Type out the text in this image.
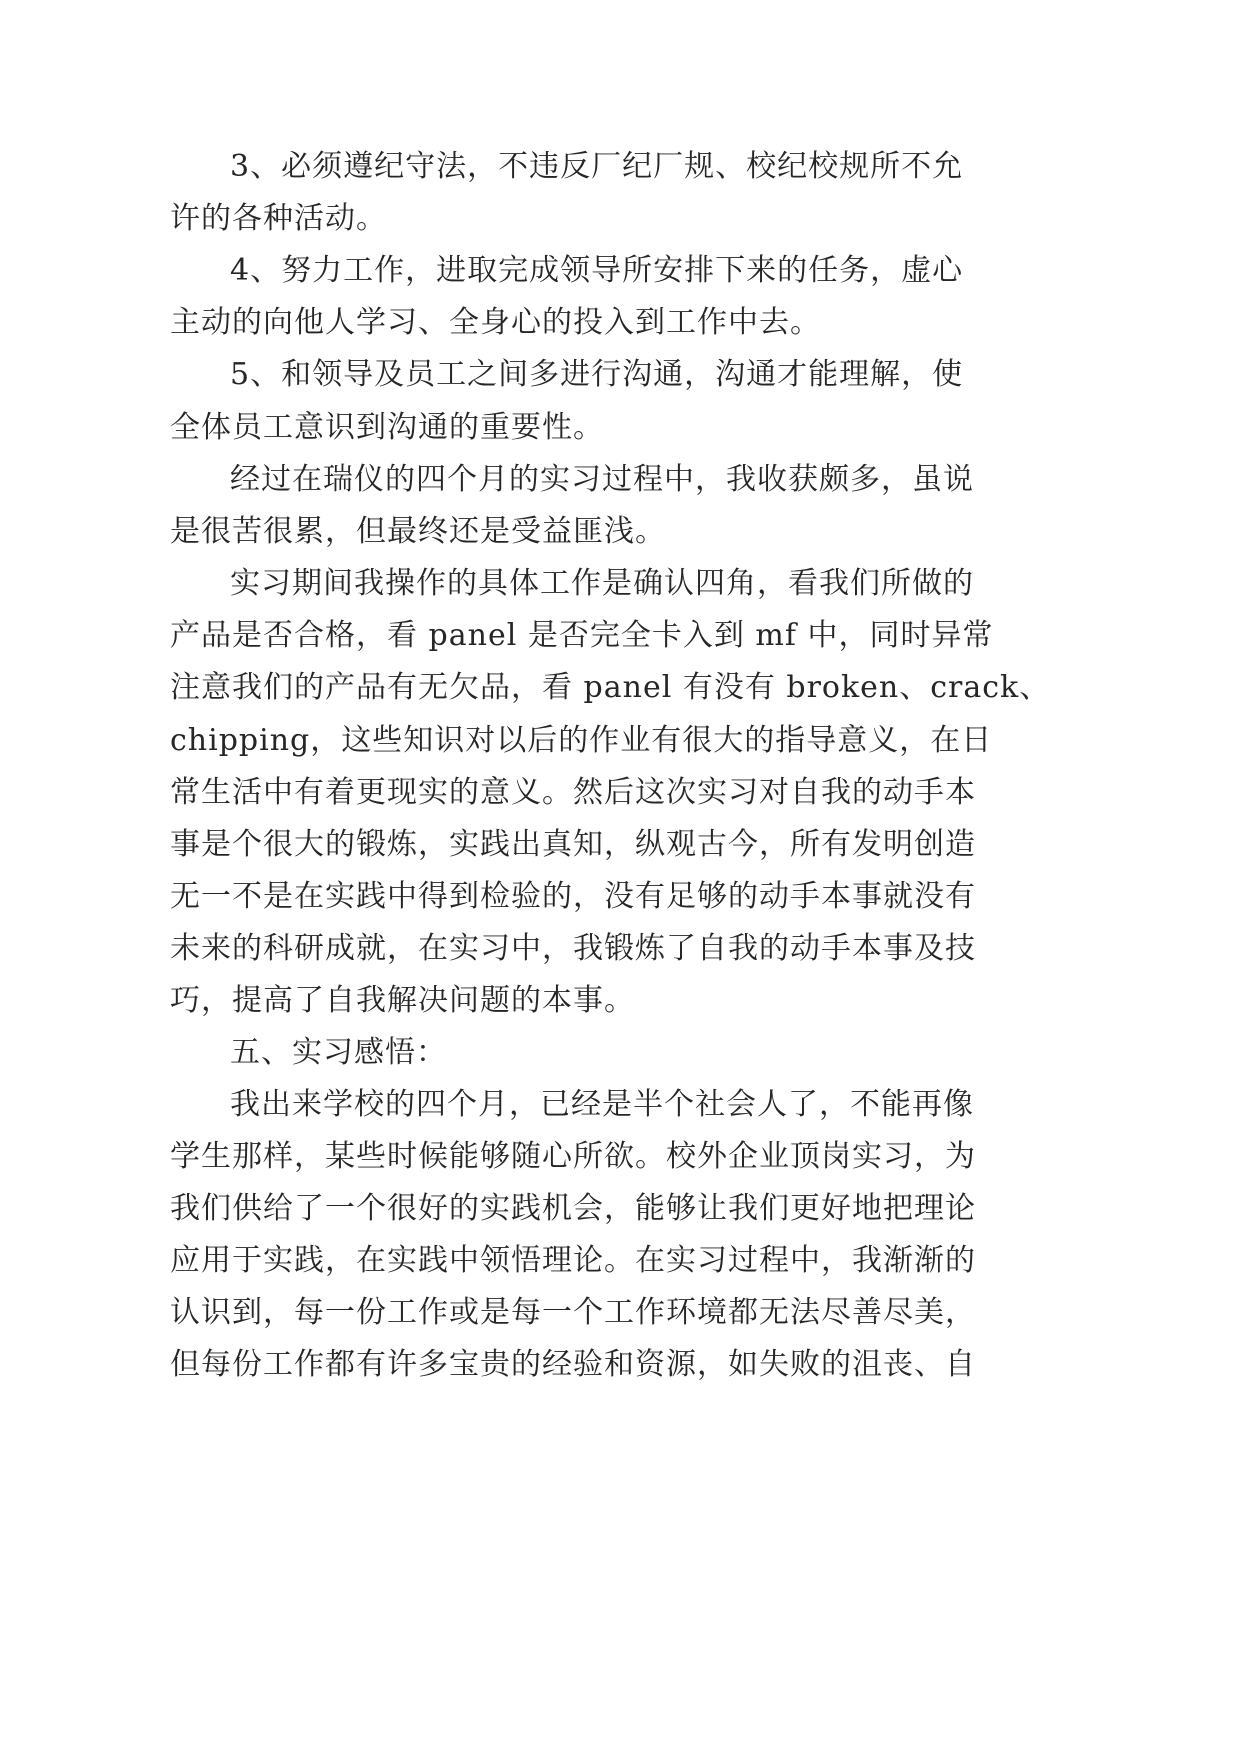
3、必须遵纪守法，不违反厂纪厂规、校纪校规所不允
许的各种活动。
4、努力工作，进取完成领导所安排下来的任务，虚心
主动的向他人学习、全身心的投入到工作中去。
5、和领导及员工之间多进行沟通，沟通才能理解，使
全体员工意识到沟通的重要性。
经过在瑞仪的四个月的实习过程中，我收获颇多，虽说
是很苦很累，但最终还是受益匪浅。
实习期间我操作的具体工作是确认四角，看我们所做的
产品是否合格，看 panel 是否完全卡入到 mf 中，同时异常
注意我们的产品有无欠品，看 panel 有没有 broken、crack、
chipping，这些知识对以后的作业有很大的指导意义，在日
常生活中有着更现实的意义。然后这次实习对自我的动手本
事是个很大的锻炼，实践出真知，纵观古今，所有发明创造
无一不是在实践中得到检验的，没有足够的动手本事就没有
未来的科研成就，在实习中，我锻炼了自我的动手本事及技
巧，提高了自我解决问题的本事。
五、实习感悟：
我出来学校的四个月，已经是半个社会人了，不能再像
学生那样，某些时候能够随心所欲。校外企业顶岗实习，为
我们供给了一个很好的实践机会，能够让我们更好地把理论
应用于实践，在实践中领悟理论。在实习过程中，我渐渐的
认识到，每一份工作或是每一个工作环境都无法尽善尽美，
但每份工作都有许多宝贵的经验和资源，如失败的沮丧、自
